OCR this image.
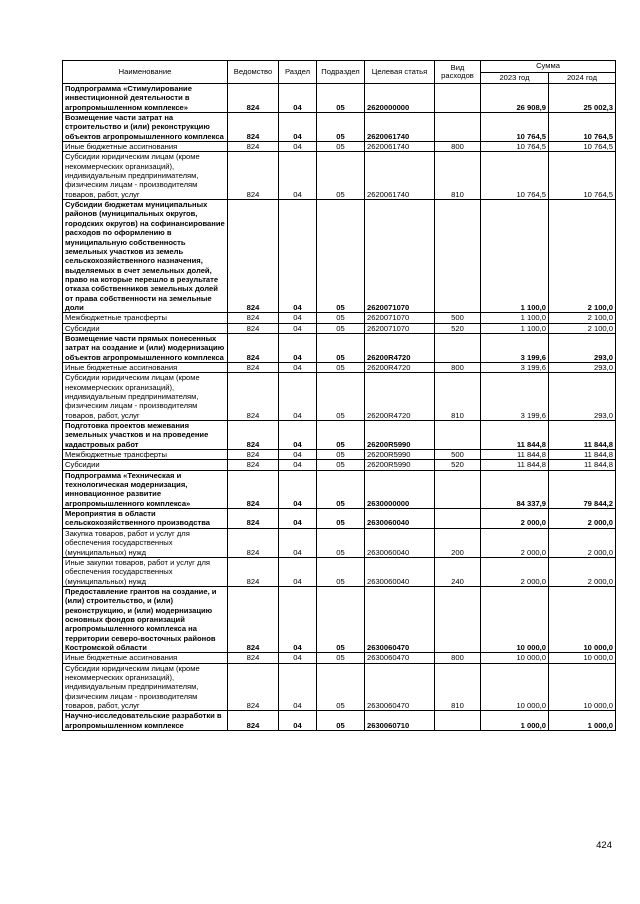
Наименование	Ведомство	Раздел	Подраздел	Целевая статья	Вид расходов	Сумма	
						2023 год	2024 год
Подпрограмма «Стимулирование инвестиционной деятельности в агропромышленном комплексе»	824	04	05	2620000000		26 908,9	25 002,3
Возмещение части затрат на строительство и (или) реконструкцию объектов агропромышленного комплекса	824	04	05	2620061740		10 764,5	10 764,5
Иные бюджетные ассигнования	824	04	05	2620061740	800	10 764,5	10 764,5
Субсидии юридическим лицам (кроме некоммерческих организаций), индивидуальным предпринимателям, физическим лицам - производителям товаров, работ, услуг	824	04	05	2620061740	810	10 764,5	10 764,5
Субсидии бюджетам муниципальных районов (муниципальных округов, городских округов) на софинансирование расходов по оформлению в муниципальную собственность земельных участков из земель сельскохозяйственного назначения, выделяемых в счет земельных долей, право на которые перешло в результате отказа собственников земельных долей от права собственности на земельные доли	824	04	05	2620071070		1 100,0	2 100,0
Межбюджетные трансферты	824	04	05	2620071070	500	1 100,0	2 100,0
Субсидии	824	04	05	2620071070	520	1 100,0	2 100,0
Возмещение части прямых понесенных затрат на создание и (или) модернизацию объектов агропромышленного комплекса	824	04	05	26200R4720		3 199,6	293,0
Иные бюджетные ассигнования	824	04	05	26200R4720	800	3 199,6	293,0
Субсидии юридическим лицам (кроме некоммерческих организаций), индивидуальным предпринимателям, физическим лицам - производителям товаров, работ, услуг	824	04	05	26200R4720	810	3 199,6	293,0
Подготовка проектов межевания земельных участков и на проведение кадастровых работ	824	04	05	26200R5990		11 844,8	11 844,8
Межбюджетные трансферты	824	04	05	26200R5990	500	11 844,8	11 844,8
Субсидии	824	04	05	26200R5990	520	11 844,8	11 844,8
Подпрограмма «Техническая и технологическая модернизация, инновационное развитие агропромышленного комплекса»	824	04	05	2630000000		84 337,9	79 844,2
Мероприятия в области сельскохозяйственного производства	824	04	05	2630060040		2 000,0	2 000,0
Закупка товаров, работ и услуг для обеспечения государственных (муниципальных) нужд	824	04	05	2630060040	200	2 000,0	2 000,0
Иные закупки товаров, работ и услуг для обеспечения государственных (муниципальных) нужд	824	04	05	2630060040	240	2 000,0	2 000,0
Предоставление грантов на создание, и (или) строительство, и (или) реконструкцию, и (или) модернизацию основных фондов организаций агропромышленного комплекса на территории северо-восточных районов Костромской области	824	04	05	2630060470		10 000,0	10 000,0
Иные бюджетные ассигнования	824	04	05	2630060470	800	10 000,0	10 000,0
Субсидии юридическим лицам (кроме некоммерческих организаций), индивидуальным предпринимателям, физическим лицам - производителям товаров, работ, услуг	824	04	05	2630060470	810	10 000,0	10 000,0
Научно-исследовательские разработки в агропромышленном комплексе	824	04	05	2630060710		1 000,0	1 000,0
424
